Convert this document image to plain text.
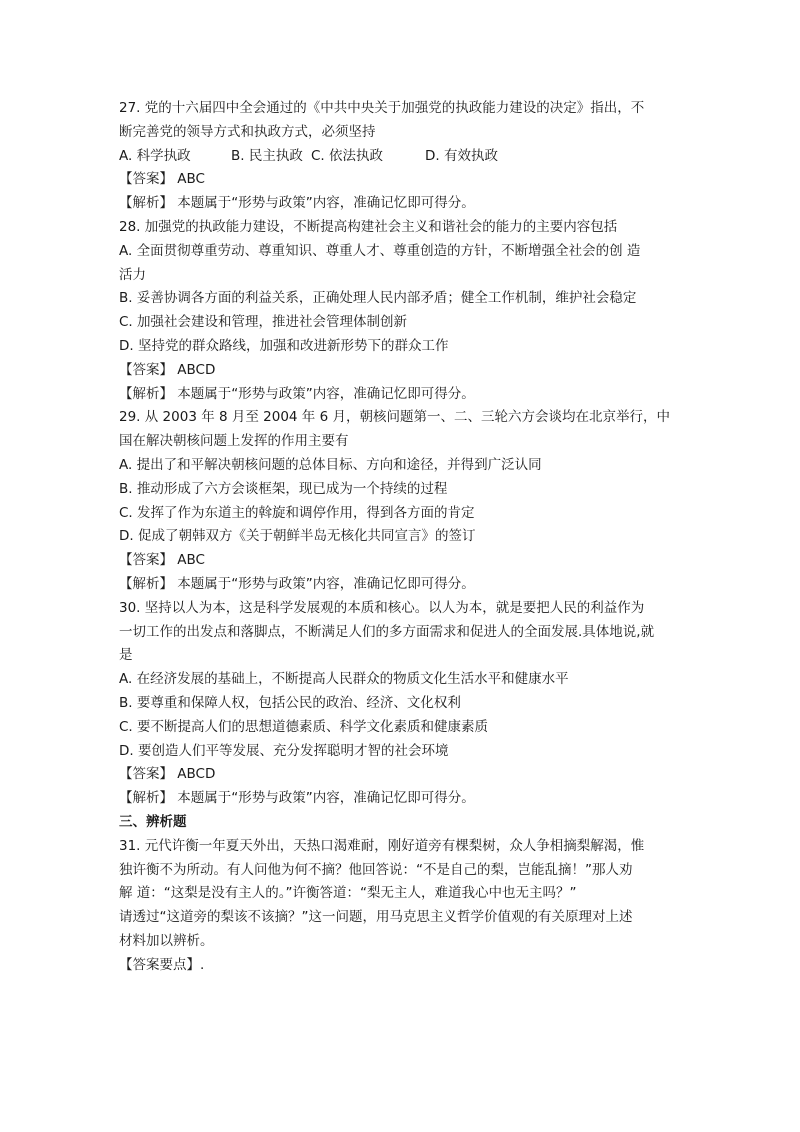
27. 党的十六届四中全会通过的《中共中央关于加强党的执政能力建设的决定》指出，不
断完善党的领导方式和执政方式，必须坚持
A. 科学执政	B. 民主执政 C. 依法执政	D. 有效执政
【答案】 ABC
【解析】 本题属于“形势与政策”内容，准确记忆即可得分。
28. 加强党的执政能力建设，不断提高构建社会主义和谐社会的能力的主要内容包括
A. 全面贯彻尊重劳动、尊重知识、尊重人才、尊重创造的方针，不断增强全社会的创 造
活力
B. 妥善协调各方面的利益关系，正确处理人民内部矛盾；健全工作机制，维护社会稳定
C. 加强社会建设和管理，推进社会管理体制创新
D. 坚持党的群众路线，加强和改进新形势下的群众工作
【答案】 ABCD
【解析】 本题属于“形势与政策”内容，准确记忆即可得分。
29. 从 2003 年 8 月至 2004 年 6 月，朝核问题第一、二、三轮六方会谈均在北京举行，中
国在解决朝核问题上发挥的作用主要有
A. 提出了和平解决朝核问题的总体目标、方向和途径，并得到广泛认同
B. 推动形成了六方会谈框架，现已成为一个持续的过程
C. 发挥了作为东道主的斡旋和调停作用，得到各方面的肯定
D. 促成了朝韩双方《关于朝鲜半岛无核化共同宣言》的签订
【答案】 ABC
【解析】 本题属于“形势与政策”内容，准确记忆即可得分。
30. 坚持以人为本，这是科学发展观的本质和核心。以人为本，就是要把人民的利益作为
一切工作的出发点和落脚点，不断满足人们的多方面需求和促进人的全面发展.具体地说,就
是
A. 在经济发展的基础上，不断提高人民群众的物质文化生活水平和健康水平
B. 要尊重和保障人权，包括公民的政治、经济、文化权利
C. 要不断提高人们的思想道德素质、科学文化素质和健康素质
D. 要创造人们平等发展、充分发挥聪明才智的社会环境
【答案】 ABCD
【解析】 本题属于“形势与政策”内容，准确记忆即可得分。
三、辨析题
31. 元代许衡一年夏天外出，天热口渴难耐，刚好道旁有棵梨树，众人争相摘梨解渴，惟
独许衡不为所动。有人问他为何不摘？他回答说：“不是自己的梨，岂能乱摘！”那人劝
解 道：“这梨是没有主人的。”许衡答道：“梨无主人，难道我心中也无主吗？”
请透过“这道旁的梨该不该摘？”这一问题，用马克思主义哲学价值观的有关原理对上述
材料加以辨析。
【答案要点】.
